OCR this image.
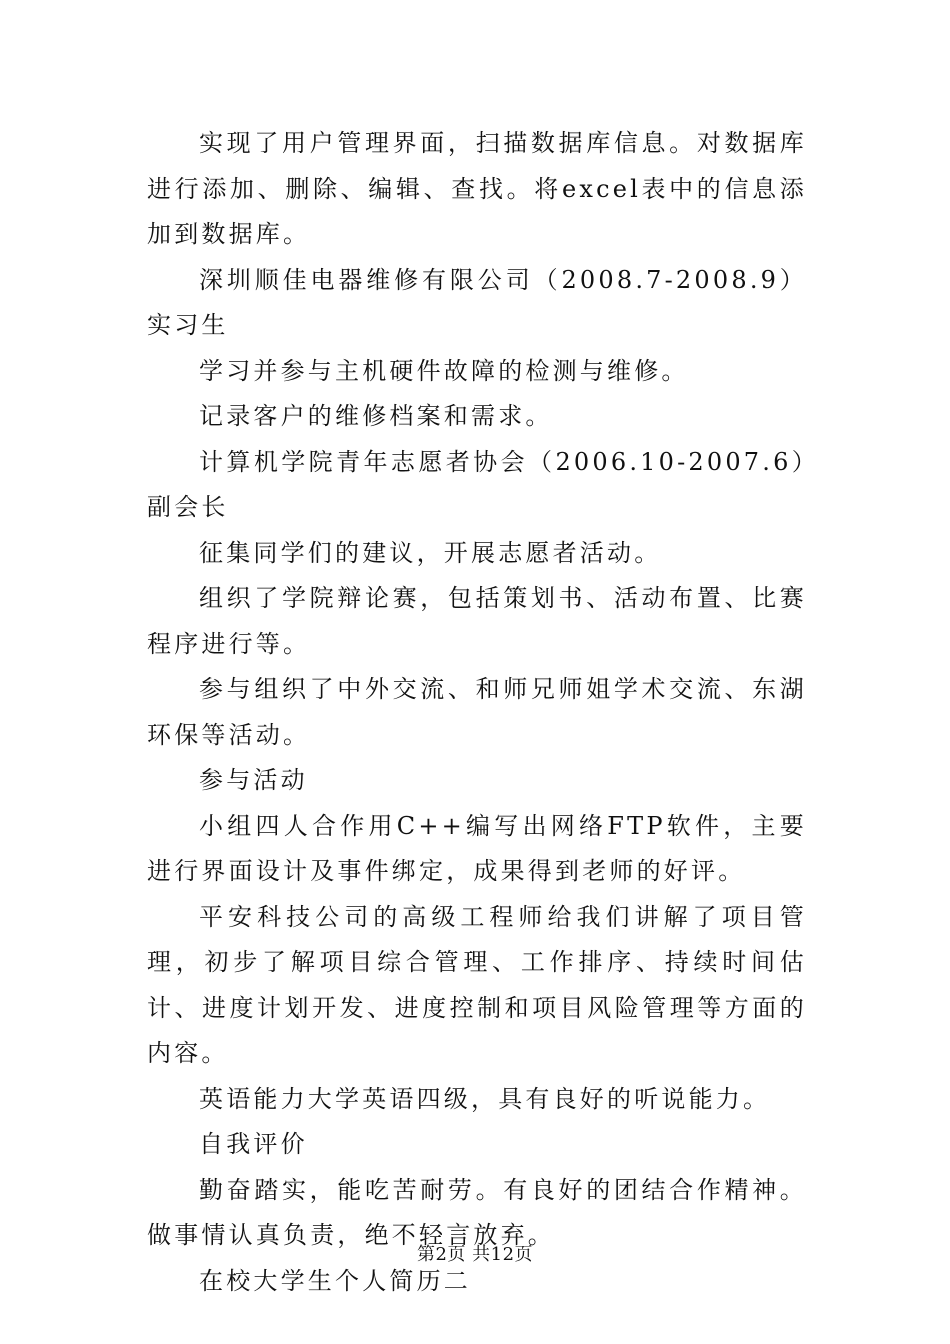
实现了用户管理界面，扫描数据库信息。对数据库进行添加、删除、编辑、查找。将excel表中的信息添加到数据库。

深圳顺佳电器维修有限公司（2008.7-2008.9）实习生

学习并参与主机硬件故障的检测与维修。

记录客户的维修档案和需求。

计算机学院青年志愿者协会（2006.10-2007.6）副会长

征集同学们的建议，开展志愿者活动。

组织了学院辩论赛，包括策划书、活动布置、比赛程序进行等。

参与组织了中外交流、和师兄师姐学术交流、东湖环保等活动。

参与活动

小组四人合作用C++编写出网络FTP软件，主要进行界面设计及事件绑定，成果得到老师的好评。

平安科技公司的高级工程师给我们讲解了项目管理，初步了解项目综合管理、工作排序、持续时间估计、进度计划开发、进度控制和项目风险管理等方面的内容。

英语能力大学英语四级，具有良好的听说能力。

自我评价

勤奋踏实，能吃苦耐劳。有良好的团结合作精神。做事情认真负责，绝不轻言放弃。

在校大学生个人简历二

第2页 共12页
